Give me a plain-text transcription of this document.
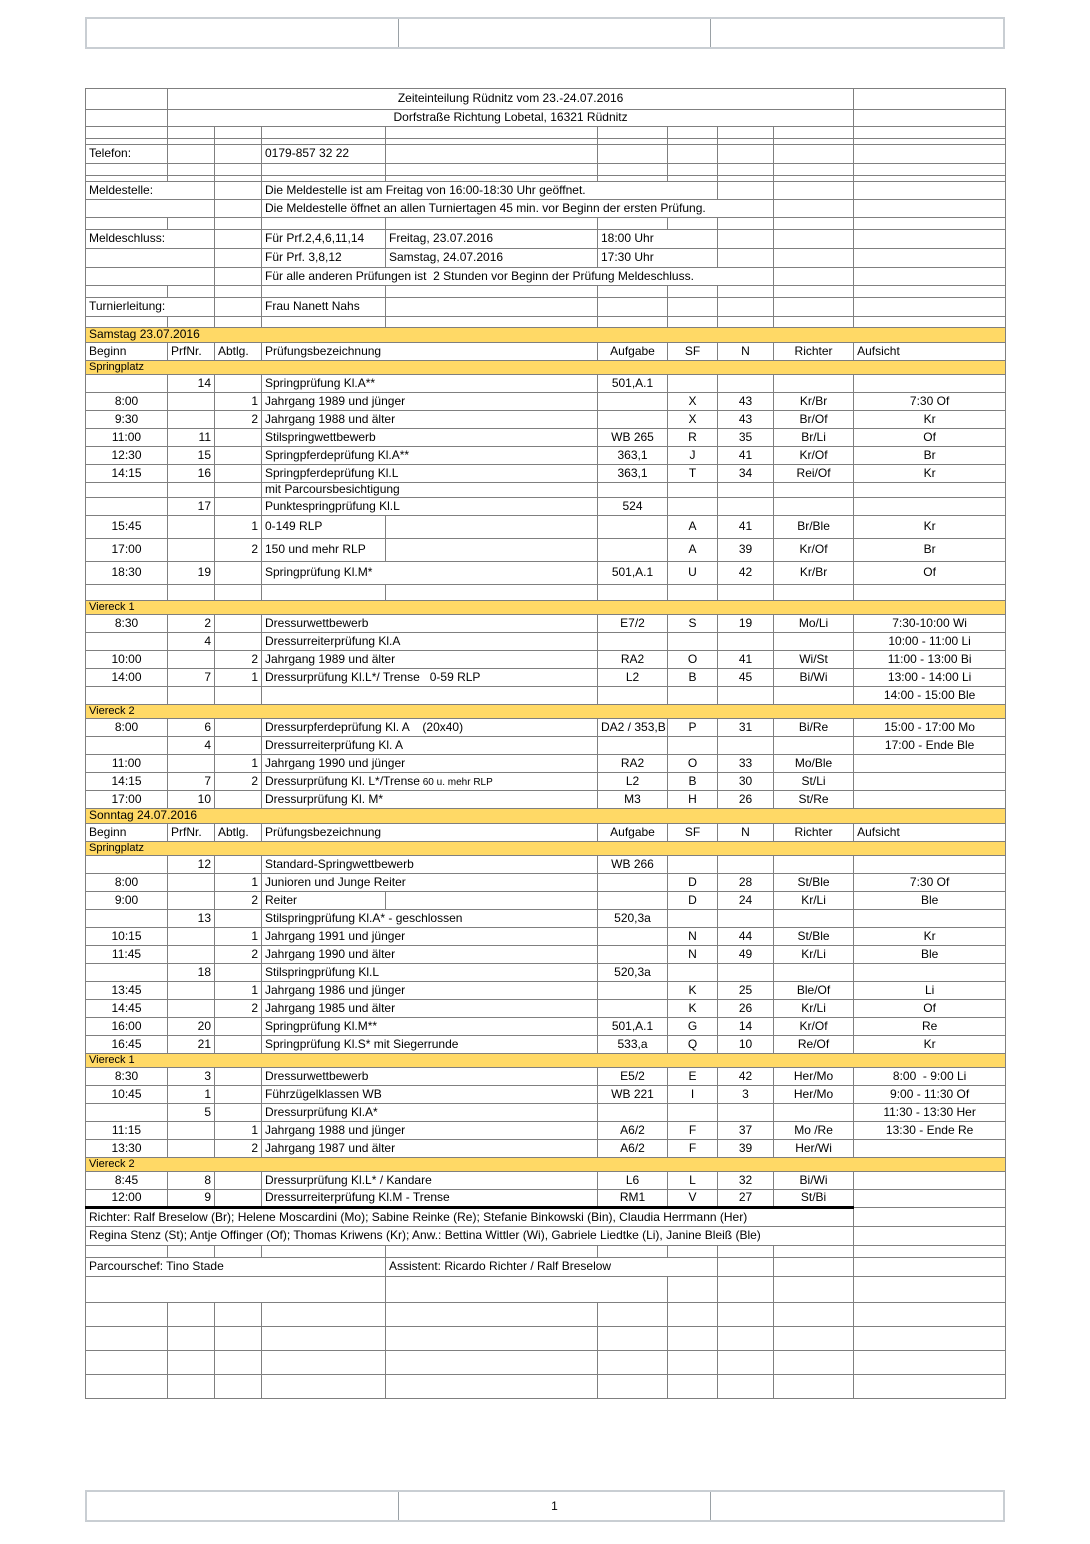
	Zeiteinteilung Rüdnitz vom 23.-24.07.2016								
	Dorfstraße Richtung Lobetal, 16321 Rüdnitz								

Telefon:			0179-857 32 22						

Meldestelle:			Die Meldestelle ist am Freitag von 16:00-18:30 Uhr geöffnet.						
			Die Meldestelle öffnet an allen Turniertagen 45 min. vor Beginn der ersten Prüfung.						

Meldeschluss:			Für Prf.2,4,6,11,14	Freitag, 23.07.2016	18:00 Uhr				
			Für Prf. 3,8,12	Samstag, 24.07.2016	17:30 Uhr				
			Für alle anderen Prüfungen ist  2 Stunden vor Beginn der Prüfung Meldeschluss.						

Turnierleitung:			Frau Nanett Nahs						

Samstag 23.07.2016									
Beginn	PrfNr.	Abtlg.	Prüfungsbezeichnung		Aufgabe	SF	N	Richter	Aufsicht
Springplatz									
	14		Springprüfung Kl.A**		501,A.1				
8:00		1	Jahrgang 1989 und jünger			X	43	Kr/Br	7:30 Of
9:30		2	Jahrgang 1988 und älter			X	43	Br/Of	Kr
11:00	11		Stilspringwettbewerb		WB 265	R	35	Br/Li	Of
12:30	15		Springpferdeprüfung Kl.A**		363,1	J	41	Kr/Of	Br
14:15	16		Springpferdeprüfung Kl.L		363,1	T	34	Rei/Of	Kr
			mit Parcoursbesichtigung						
	17		Punktespringprüfung Kl.L		524				
15:45		1	0-149 RLP			A	41	Br/Ble	Kr
17:00		2	150 und mehr RLP			A	39	Kr/Of	Br
18:30	19		Springprüfung Kl.M*		501,A.1	U	42	Kr/Br	Of

Viereck 1									
8:30	2		Dressurwettbewerb		E7/2	S	19	Mo/Li	7:30-10:00 Wi
	4		Dressurreiterprüfung Kl.A						10:00 - 11:00 Li
10:00		2	Jahrgang 1989 und älter		RA2	O	41	Wi/St	11:00 - 13:00 Bi
14:00	7	1	Dressurprüfung Kl.L*/ Trense   0-59 RLP		L2	B	45	Bi/Wi	13:00 - 14:00 Li
									14:00 - 15:00 Ble
Viereck 2									
8:00	6		Dressurpferdeprüfung Kl. A    (20x40)		DA2 / 353,B	P	31	Bi/Re	15:00 - 17:00 Mo
	4		Dressurreiterprüfung Kl. A						17:00 - Ende Ble
11:00		1	Jahrgang 1990 und jünger		RA2	O	33	Mo/Ble	
14:15	7	2	Dressurprüfung Kl. L*/Trense 60 u. mehr RLP		L2	B	30	St/Li	
17:00	10		Dressurprüfung Kl. M*		M3	H	26	St/Re	
Sonntag 24.07.2016									
Beginn	PrfNr.	Abtlg.	Prüfungsbezeichnung		Aufgabe	SF	N	Richter	Aufsicht
Springplatz									
	12		Standard-Springwettbewerb		WB 266				
8:00		1	Junioren und Junge Reiter			D	28	St/Ble	7:30 Of
9:00		2	Reiter			D	24	Kr/Li	Ble
	13		Stilspringprüfung Kl.A* - geschlossen		520,3a				
10:15		1	Jahrgang 1991 und jünger			N	44	St/Ble	Kr
11:45		2	Jahrgang 1990 und älter			N	49	Kr/Li	Ble
	18		Stilspringprüfung Kl.L		520,3a				
13:45		1	Jahrgang 1986 und jünger			K	25	Ble/Of	Li
14:45		2	Jahrgang 1985 und älter			K	26	Kr/Li	Of
16:00	20		Springprüfung Kl.M**		501,A.1	G	14	Kr/Of	Re
16:45	21		Springprüfung Kl.S* mit Siegerrunde		533,a	Q	10	Re/Of	Kr
Viereck 1									
8:30	3		Dressurwettbewerb		E5/2	E	42	Her/Mo	8:00  - 9:00 Li
10:45	1		Führzügelklassen WB		WB 221	I	3	Her/Mo	9:00 - 11:30 Of
	5		Dressurprüfung Kl.A*						11:30 - 13:30 Her
11:15		1	Jahrgang 1988 und jünger		A6/2	F	37	Mo /Re	13:30 - Ende Re
13:30		2	Jahrgang 1987 und älter		A6/2	F	39	Her/Wi	
Viereck 2									
8:45	8		Dressurprüfung Kl.L* / Kandare		L6	L	32	Bi/Wi	
12:00	9		Dressurreiterprüfung Kl.M - Trense		RM1	V	27	St/Bi	
Richter: Ralf Breselow (Br); Helene Moscardini (Mo); Sabine Reinke (Re); Stefanie Binkowski (Bin), Claudia Herrmann (Her)									
Regina Stenz (St); Antje Offinger (Of); Thomas Kriwens (Kr); Anw.: Bettina Wittler (Wi), Gabriele Liedtke (Li), Janine Bleiß (Ble)									

Parcourschef: Tino Stade				Assistent: Ricardo Richter / Ralf Breselow					

1
